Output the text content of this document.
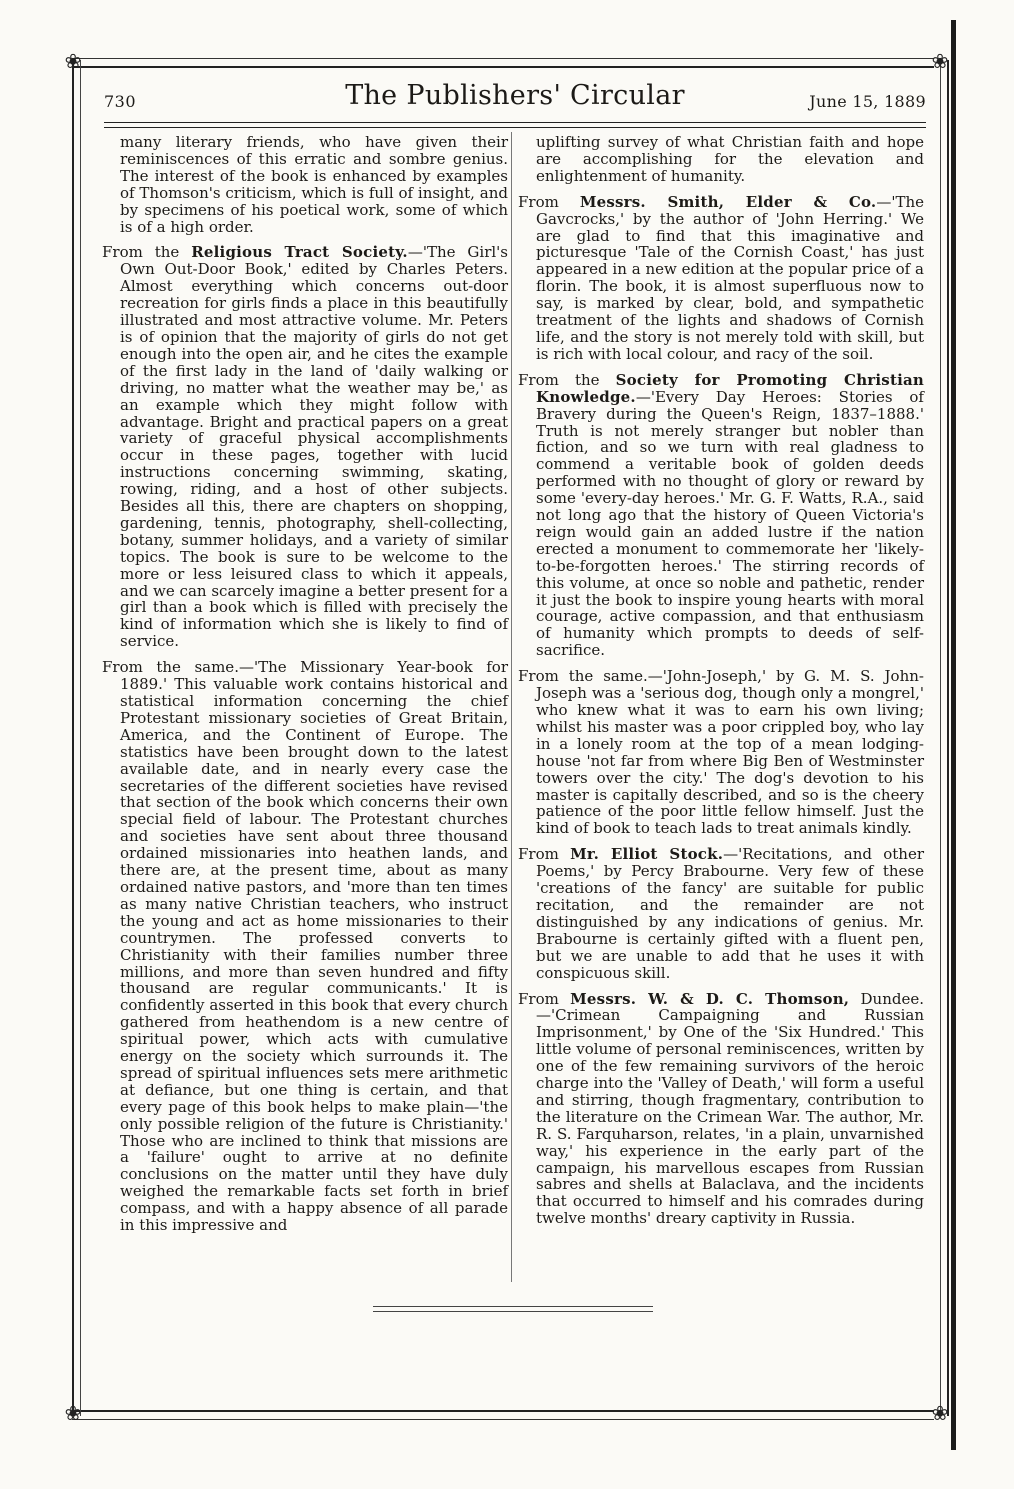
❀	❀
❀	❀
730	The Publishers' Circular	June 15, 1889

many literary friends, who have given their reminiscences of this erratic and sombre genius. The interest of the book is enhanced by examples of Thomson's criticism, which is full of insight, and by specimens of his poetical work, some of which is of a high order.

From the Religious Tract Society.—'The Girl's Own Out-Door Book,' edited by Charles Peters. Almost everything which concerns out-door recreation for girls finds a place in this beautifully illustrated and most attractive volume. Mr. Peters is of opinion that the majority of girls do not get enough into the open air, and he cites the example of the first lady in the land of 'daily walking or driving, no matter what the weather may be,' as an example which they might follow with advantage. Bright and practical papers on a great variety of graceful physical accomplishments occur in these pages, together with lucid instructions concerning swimming, skating, rowing, riding, and a host of other subjects. Besides all this, there are chapters on shopping, gardening, tennis, photography, shell-collecting, botany, summer holidays, and a variety of similar topics. The book is sure to be welcome to the more or less leisured class to which it appeals, and we can scarcely imagine a better present for a girl than a book which is filled with precisely the kind of information which she is likely to find of service.

From the same.—'The Missionary Year-book for 1889.' This valuable work contains historical and statistical information concerning the chief Protestant missionary societies of Great Britain, America, and the Continent of Europe. The statistics have been brought down to the latest available date, and in nearly every case the secretaries of the different societies have revised that section of the book which concerns their own special field of labour. The Protestant churches and societies have sent about three thousand ordained missionaries into heathen lands, and there are, at the present time, about as many ordained native pastors, and 'more than ten times as many native Christian teachers, who instruct the young and act as home missionaries to their countrymen. The professed converts to Christianity with their families number three millions, and more than seven hundred and fifty thousand are regular communicants.' It is confidently asserted in this book that every church gathered from heathendom is a new centre of spiritual power, which acts with cumulative energy on the society which surrounds it. The spread of spiritual influences sets mere arithmetic at defiance, but one thing is certain, and that every page of this book helps to make plain—'the only possible religion of the future is Christianity.' Those who are inclined to think that missions are a 'failure' ought to arrive at no definite conclusions on the matter until they have duly weighed the remarkable facts set forth in brief compass, and with a happy absence of all parade in this impressive and

uplifting survey of what Christian faith and hope are accomplishing for the elevation and enlightenment of humanity.

From Messrs. Smith, Elder & Co.—'The Gavcrocks,' by the author of 'John Herring.' We are glad to find that this imaginative and picturesque 'Tale of the Cornish Coast,' has just appeared in a new edition at the popular price of a florin. The book, it is almost superfluous now to say, is marked by clear, bold, and sympathetic treatment of the lights and shadows of Cornish life, and the story is not merely told with skill, but is rich with local colour, and racy of the soil.

From the Society for Promoting Christian Knowledge.—'Every Day Heroes: Stories of Bravery during the Queen's Reign, 1837–1888.' Truth is not merely stranger but nobler than fiction, and so we turn with real gladness to commend a veritable book of golden deeds performed with no thought of glory or reward by some 'every-day heroes.' Mr. G. F. Watts, R.A., said not long ago that the history of Queen Victoria's reign would gain an added lustre if the nation erected a monument to commemorate her 'likely-to-be-forgotten heroes.' The stirring records of this volume, at once so noble and pathetic, render it just the book to inspire young hearts with moral courage, active compassion, and that enthusiasm of humanity which prompts to deeds of self-sacrifice.

From the same.—'John-Joseph,' by G. M. S. John-Joseph was a 'serious dog, though only a mongrel,' who knew what it was to earn his own living; whilst his master was a poor crippled boy, who lay in a lonely room at the top of a mean lodging-house 'not far from where Big Ben of Westminster towers over the city.' The dog's devotion to his master is capitally described, and so is the cheery patience of the poor little fellow himself. Just the kind of book to teach lads to treat animals kindly.

From Mr. Elliot Stock.—'Recitations, and other Poems,' by Percy Brabourne. Very few of these 'creations of the fancy' are suitable for public recitation, and the remainder are not distinguished by any indications of genius. Mr. Brabourne is certainly gifted with a fluent pen, but we are unable to add that he uses it with conspicuous skill.

From Messrs. W. & D. C. Thomson, Dundee.—'Crimean Campaigning and Russian Imprisonment,' by One of the 'Six Hundred.' This little volume of personal reminiscences, written by one of the few remaining survivors of the heroic charge into the 'Valley of Death,' will form a useful and stirring, though fragmentary, contribution to the literature on the Crimean War. The author, Mr. R. S. Farquharson, relates, 'in a plain, unvarnished way,' his experience in the early part of the campaign, his marvellous escapes from Russian sabres and shells at Balaclava, and the incidents that occurred to himself and his comrades during twelve months' dreary captivity in Russia.
